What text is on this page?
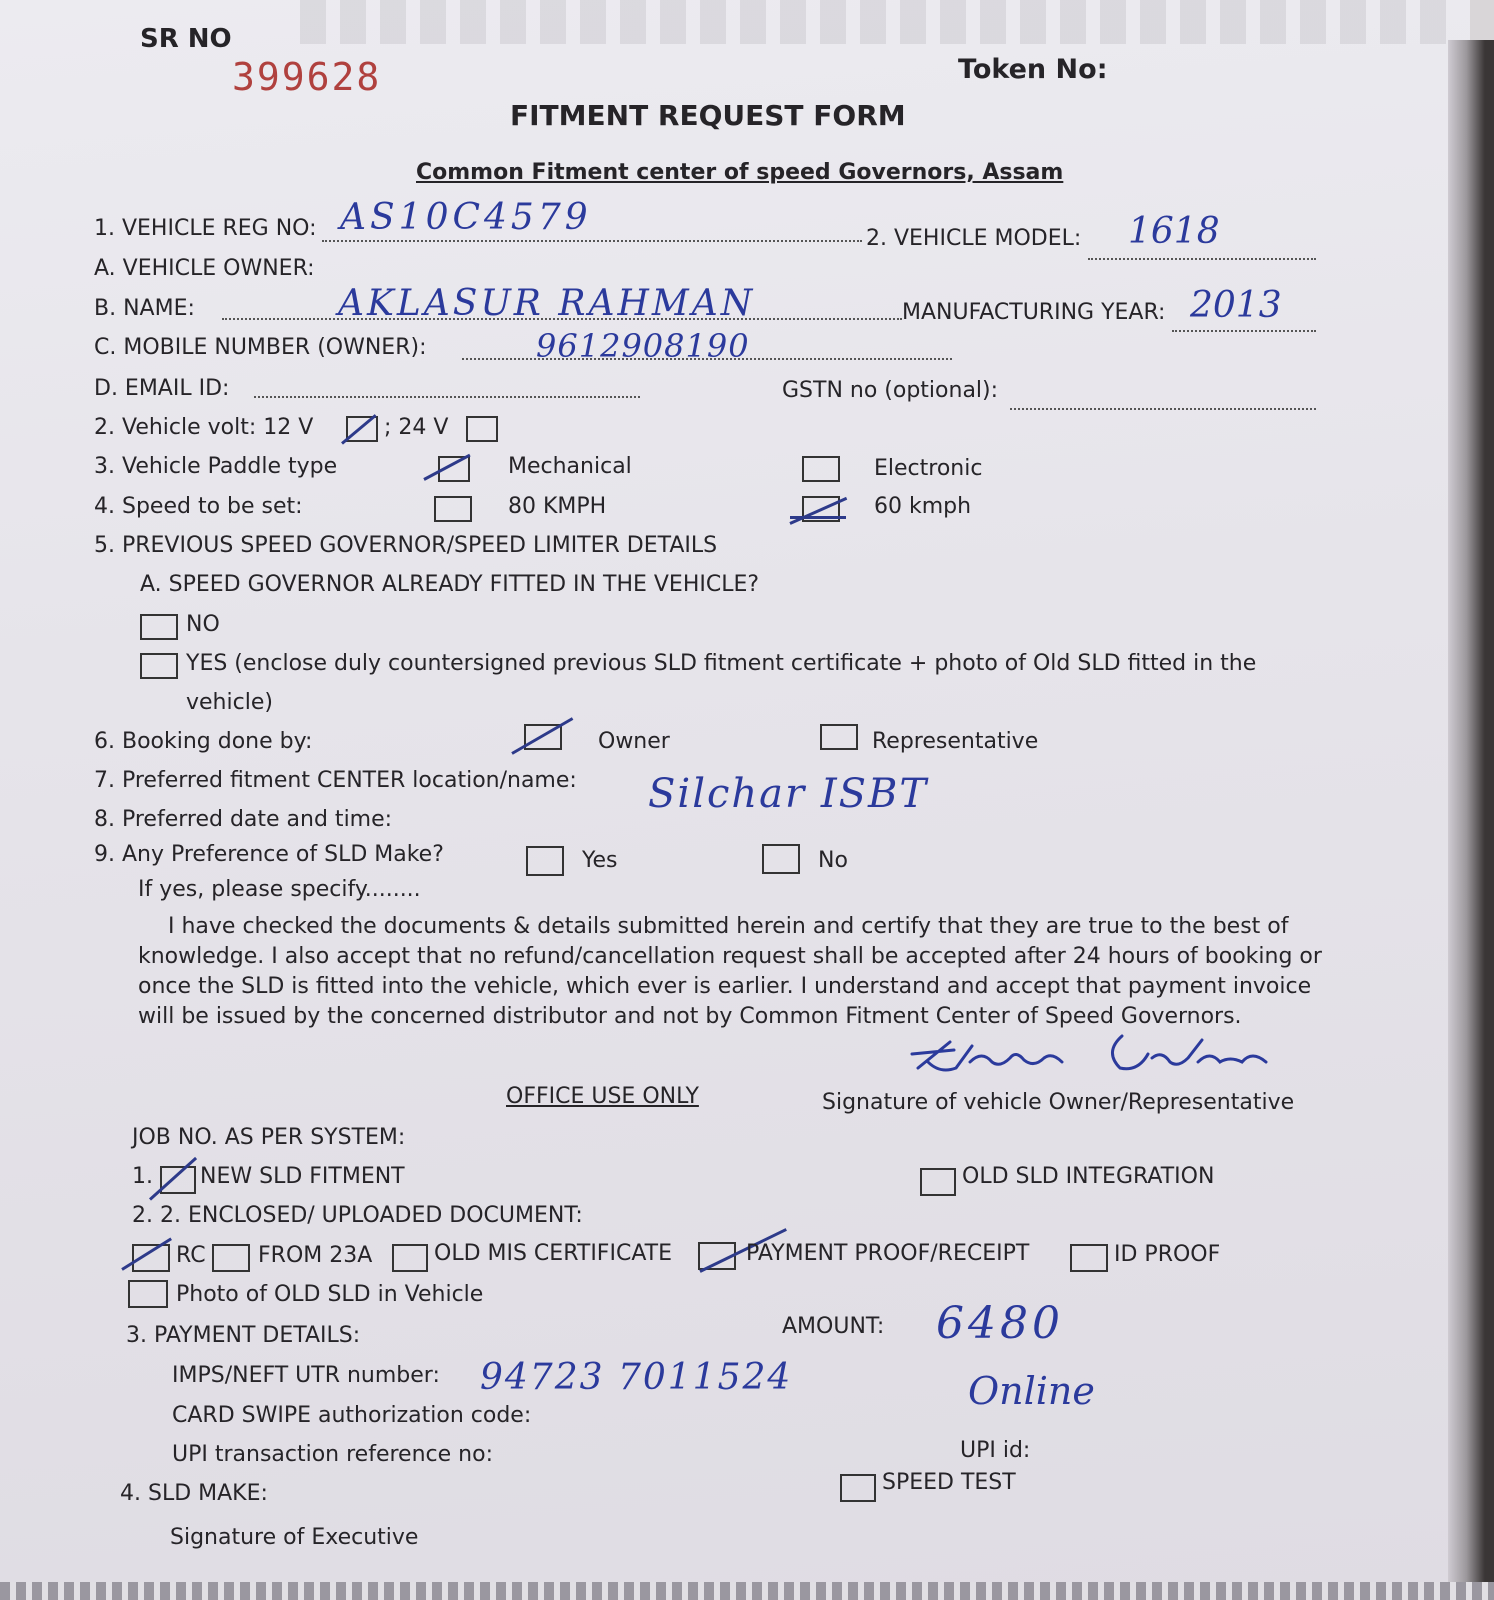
SR NO
399628	Token No:
FITMENT REQUEST FORM
Common Fitment center of speed Governors, Assam
1. VEHICLE REG NO: AS10C4579
2. VEHICLE MODEL: 1618
A. VEHICLE OWNER:
B. NAME:	AKLASUR RAHMAN	MANUFACTURING YEAR: 2013
C. MOBILE NUMBER (OWNER):	9612908190
D. EMAIL ID:	GSTN no (optional):
2. Vehicle volt: 12 V	; 24 V
3. Vehicle Paddle type	Mechanical	Electronic
4. Speed to be set:	80 KMPH	60 kmph
5. PREVIOUS SPEED GOVERNOR/SPEED LIMITER DETAILS
A. SPEED GOVERNOR ALREADY FITTED IN THE VEHICLE?
NO
YES (enclose duly countersigned previous SLD fitment certificate + photo of Old SLD fitted in the
vehicle)
6. Booking done by:	Owner	Representative
7. Preferred fitment CENTER location/name: Silchar ISBT
8. Preferred date and time:
9. Any Preference of SLD Make?	Yes	No
If yes, please specify........
I have checked the documents & details submitted herein and certify that they are true to the best of
knowledge. I also accept that no refund/cancellation request shall be accepted after 24 hours of booking or
once the SLD is fitted into the vehicle, which ever is earlier. I understand and accept that payment invoice
will be issued by the concerned distributor and not by Common Fitment Center of Speed Governors.
OFFICE USE ONLY	Signature of vehicle Owner/Representative
JOB NO. AS PER SYSTEM:
1. NEW SLD FITMENT	OLD SLD INTEGRATION
2. 2. ENCLOSED/ UPLOADED DOCUMENT:
RC FROM 23A	OLD MIS CERTIFICATE	PAYMENT PROOF/RECEIPT	ID PROOF
Photo of OLD SLD in Vehicle
3. PAYMENT DETAILS:	AMOUNT: 6480
IMPS/NEFT UTR number: 94723 7011524	Online
CARD SWIPE authorization code:
UPI transaction reference no:	UPI id:
4. SLD MAKE:	SPEED TEST
Signature of Executive
